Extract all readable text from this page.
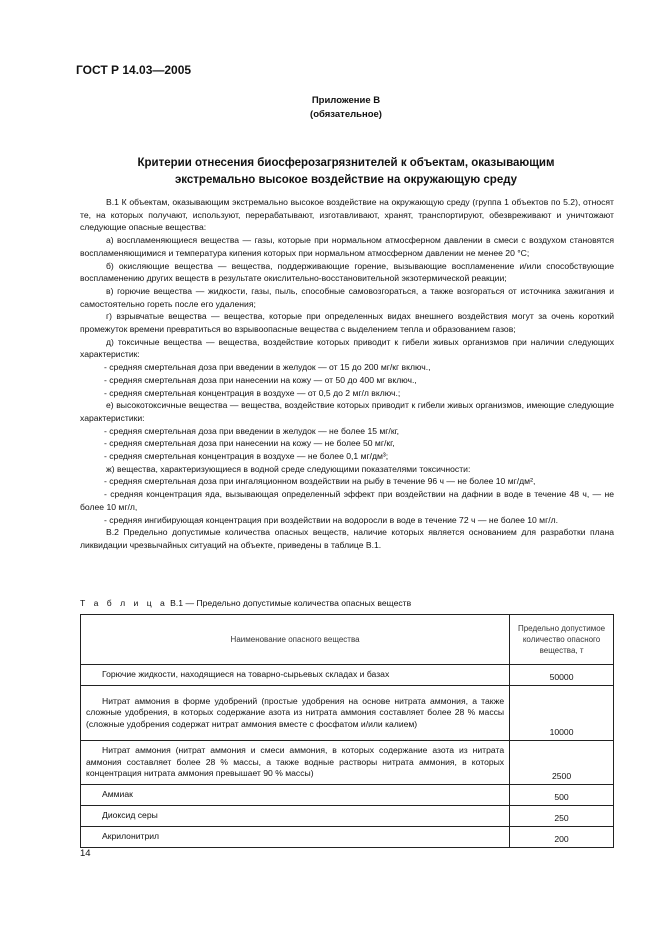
ГОСТ Р 14.03—2005
Приложение В
(обязательное)
Критерии отнесения биосферозагрязнителей к объектам, оказывающим
экстремально высокое воздействие на окружающую среду

В.1 К объектам, оказывающим экстремально высокое воздействие на окружающую среду (группа 1 объектов по 5.2), относят те, на которых получают, используют, перерабатывают, изготавливают, хранят, транспортируют, обезвреживают и уничтожают следующие опасные вещества:

а) воспламеняющиеся вещества — газы, которые при нормальном атмосферном давлении в смеси с воздухом становятся воспламеняющимися и температура кипения которых при нормальном атмосферном давлении не менее 20 °C;

б) окисляющие вещества — вещества, поддерживающие горение, вызывающие воспламенение и/или способствующие воспламенению других веществ в результате окислительно-восстановительной экзотермической реакции;

в) горючие вещества — жидкости, газы, пыль, способные самовозгораться, а также возгораться от источника зажигания и самостоятельно гореть после его удаления;

г) взрывчатые вещества — вещества, которые при определенных видах внешнего воздействия могут за очень короткий промежуток времени превратиться во взрывоопасные вещества с выделением тепла и образованием газов;

д) токсичные вещества — вещества, воздействие которых приводит к гибели живых организмов при наличии следующих характеристик:

- средняя смертельная доза при введении в желудок — от 15 до 200 мг/кг включ.,

- средняя смертельная доза при нанесении на кожу — от 50 до 400 мг включ.,

- средняя смертельная концентрация в воздухе — от 0,5 до 2 мг/л включ.;

е) высокотоксичные вещества — вещества, воздействие которых приводит к гибели живых организмов, имеющие следующие характеристики:

- средняя смертельная доза при введении в желудок — не более 15 мг/кг,

- средняя смертельная доза при нанесении на кожу — не более 50 мг/кг,

- средняя смертельная концентрация в воздухе — не более 0,1 мг/дм³;

ж) вещества, характеризующиеся в водной среде следующими показателями токсичности:

- средняя смертельная доза при ингаляционном воздействии на рыбу в течение 96 ч — не более 10 мг/дм²,

- средняя концентрация яда, вызывающая определенный эффект при воздействии на дафнии в воде в течение 48 ч, — не более 10 мг/л,

- средняя ингибирующая концентрация при воздействии на водоросли в воде в течение 72 ч — не более 10 мг/л.

В.2 Предельно допустимые количества опасных веществ, наличие которых является основанием для разработки плана ликвидации чрезвычайных ситуаций на объекте, приведены в таблице В.1.

Т а б л и ц а В.1 — Предельно допустимые количества опасных веществ
Наименование опасного вещества	Предельно допустимое
количество опасного
вещества, т

Горючие жидкости, находящиеся на товарно-сырьевых складах и базах	50000
Нитрат аммония в форме удобрений (простые удобрения на основе нитрата аммония, а также сложные удобрения, в которых содержание азота из нитрата аммония составляет более 28 % массы (сложные удобрения содержат нитрат аммония вместе с фосфатом и/или калием)	10000
Нитрат аммония (нитрат аммония и смеси аммония, в которых содержание азота из нитрата аммония составляет более 28 % массы, а также водные растворы нитрата аммония, в которых концентрация нитрата аммония превышает 90 % массы)	2500
Аммиак	500
Диоксид серы	250
Акрилонитрил	200
14
